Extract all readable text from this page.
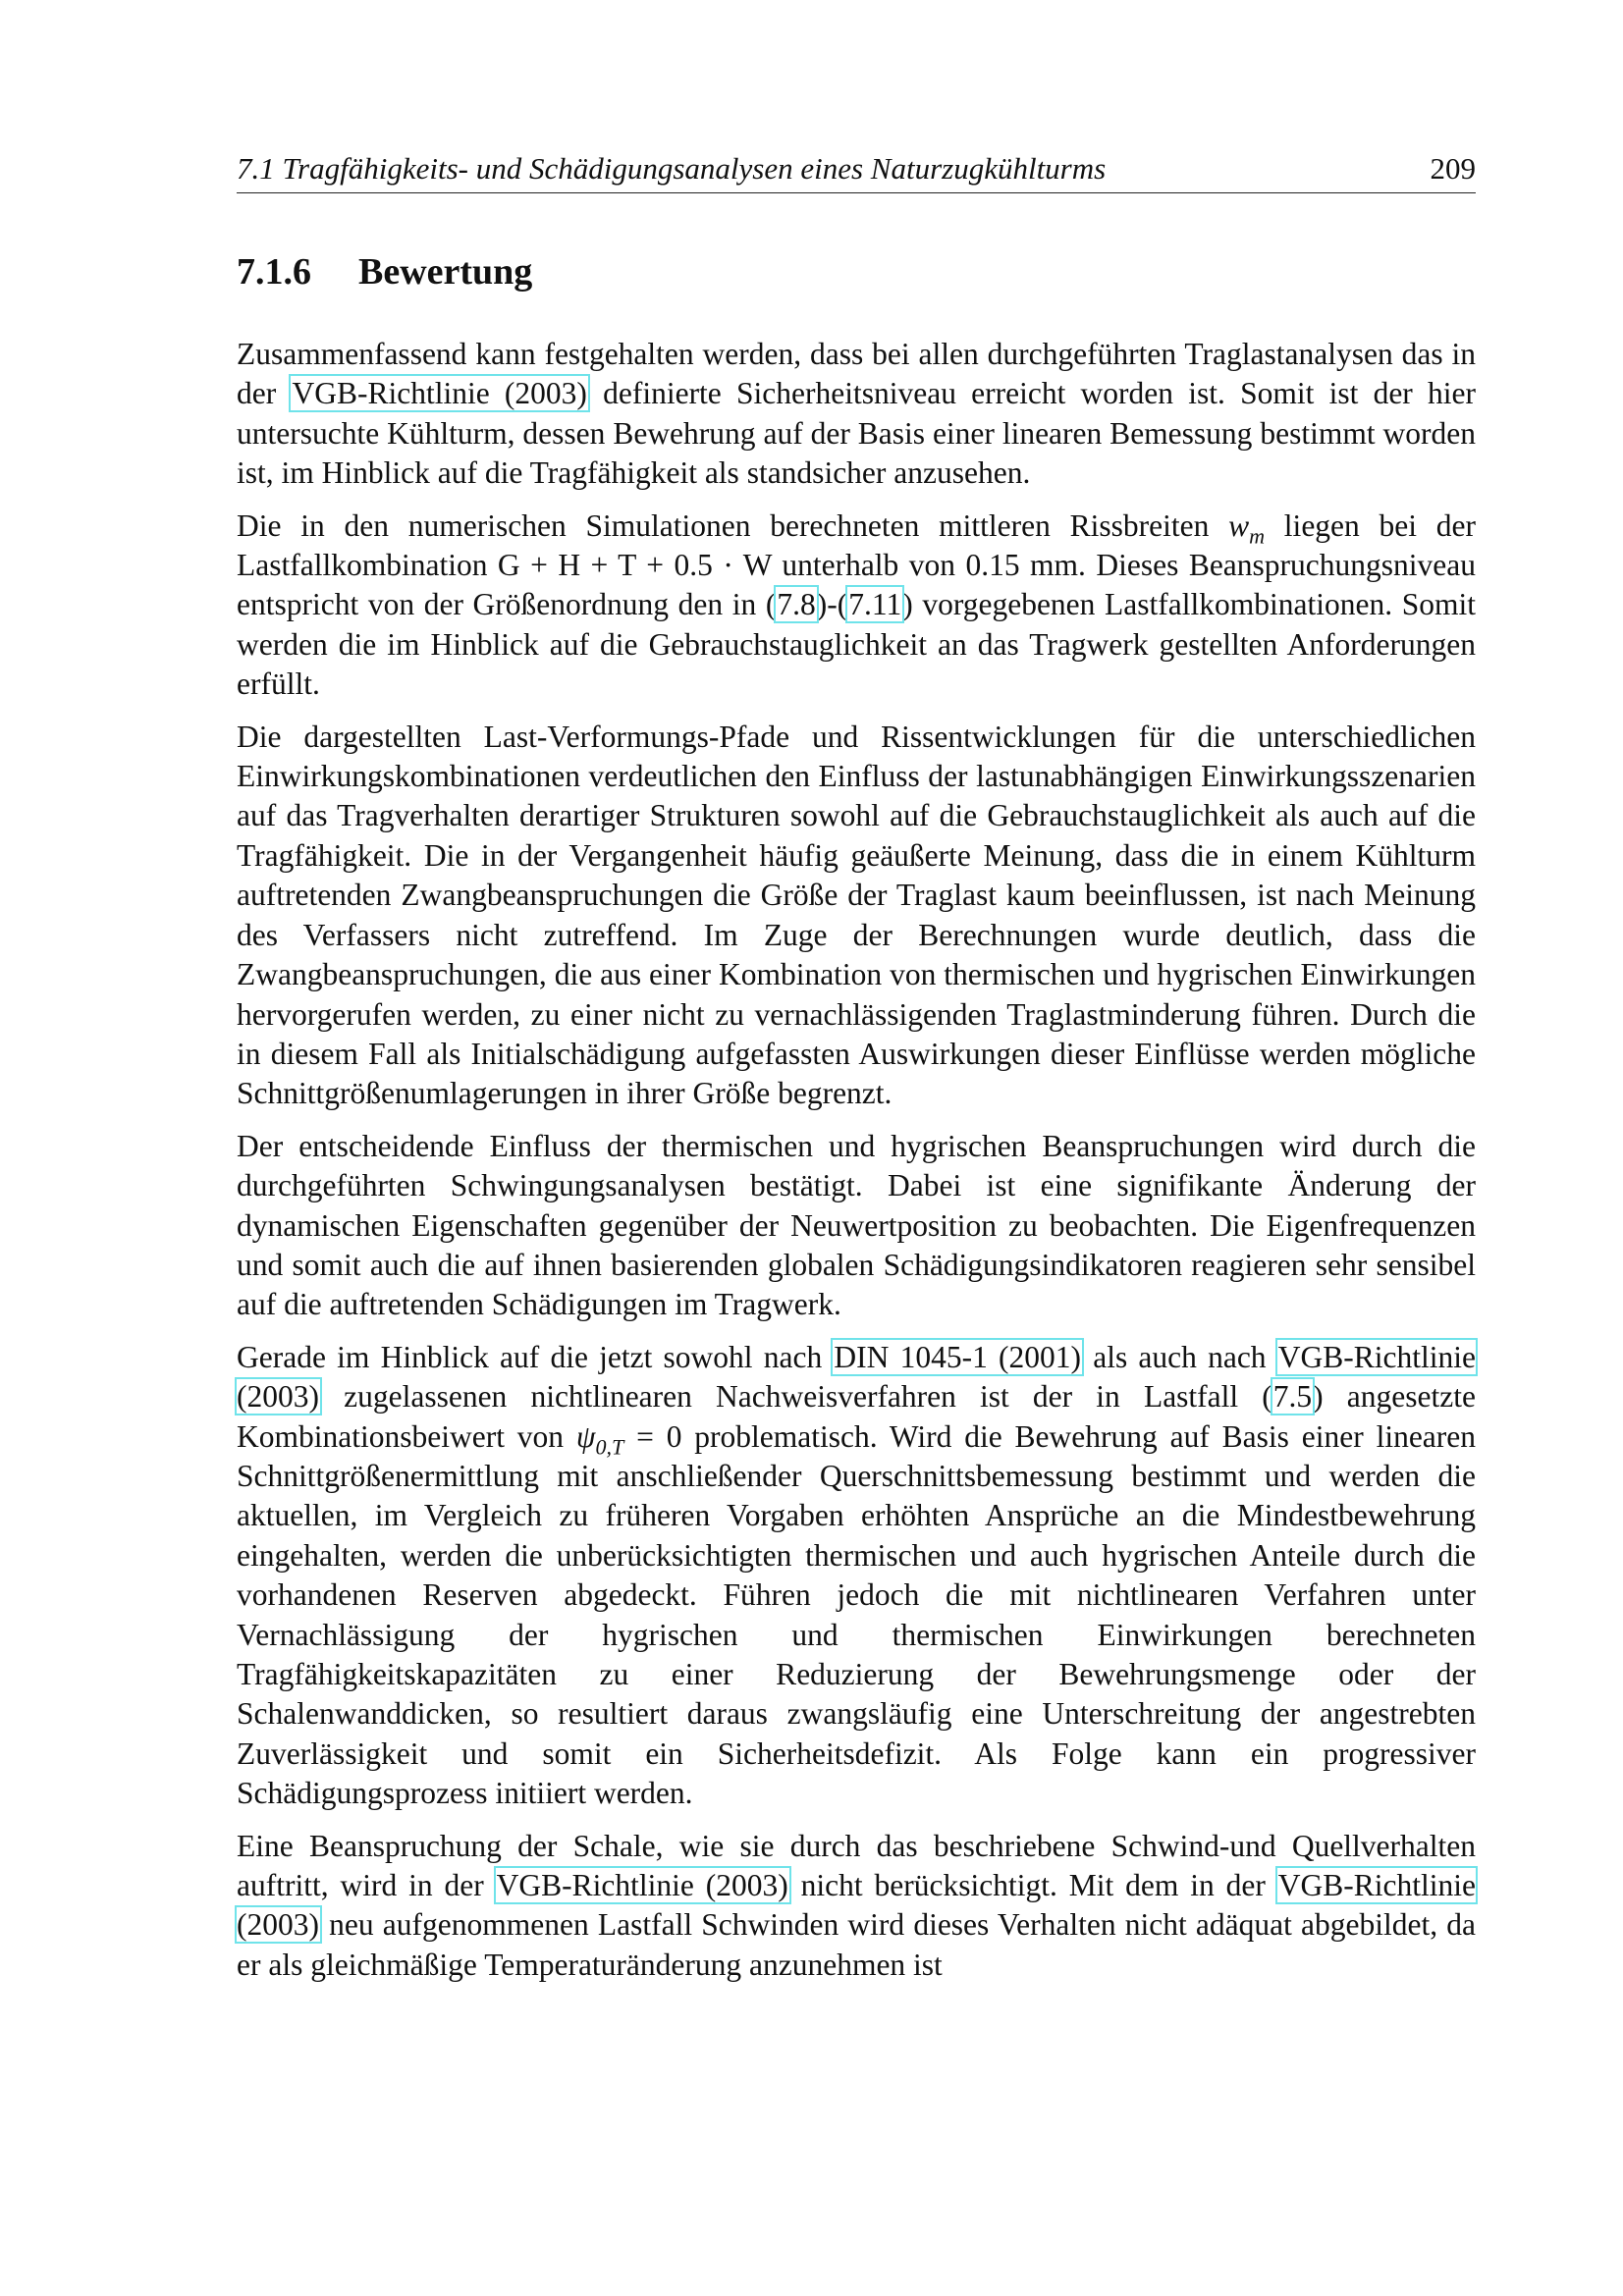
7.1 Tragfähigkeits- und Schädigungsanalysen eines Naturzugkühlturms	209
7.1.6 Bewertung

Zusammenfassend kann festgehalten werden, dass bei allen durchgeführten Traglastanalysen das in der VGB-Richtlinie (2003) definierte Sicherheitsniveau erreicht worden ist. Somit ist der hier untersuchte Kühlturm, dessen Bewehrung auf der Basis einer linearen Bemessung bestimmt worden ist, im Hinblick auf die Tragfähigkeit als standsicher anzusehen.

Die in den numerischen Simulationen berechneten mittleren Rissbreiten $w_m$ liegen bei der Lastfallkombination G + H + T + 0.5 · W unterhalb von 0.15 mm. Dieses Beanspruchungsniveau entspricht von der Größenordnung den in (7.8)-(7.11) vorgegebenen Lastfallkombinationen. Somit werden die im Hinblick auf die Gebrauchstauglichkeit an das Tragwerk gestellten Anforderungen erfüllt.

Die dargestellten Last-Verformungs-Pfade und Rissentwicklungen für die unterschiedlichen Einwirkungskombinationen verdeutlichen den Einfluss der lastunabhängigen Einwirkungsszenarien auf das Tragverhalten derartiger Strukturen sowohl auf die Gebrauchstauglichkeit als auch auf die Tragfähigkeit. Die in der Vergangenheit häufig geäußerte Meinung, dass die in einem Kühlturm auftretenden Zwangbeanspruchungen die Größe der Traglast kaum beeinflussen, ist nach Meinung des Verfassers nicht zutreffend. Im Zuge der Berechnungen wurde deutlich, dass die Zwangbeanspruchungen, die aus einer Kombination von thermischen und hygrischen Einwirkungen hervorgerufen werden, zu einer nicht zu vernachlässigenden Traglastminderung führen. Durch die in diesem Fall als Initialschädigung aufgefassten Auswirkungen dieser Einflüsse werden mögliche Schnittgrößenumlagerungen in ihrer Größe begrenzt.

Der entscheidende Einfluss der thermischen und hygrischen Beanspruchungen wird durch die durchgeführten Schwingungsanalysen bestätigt. Dabei ist eine signifikante Änderung der dynamischen Eigenschaften gegenüber der Neuwertposition zu beobachten. Die Eigenfrequenzen und somit auch die auf ihnen basierenden globalen Schädigungsindikatoren reagieren sehr sensibel auf die auftretenden Schädigungen im Tragwerk.

Gerade im Hinblick auf die jetzt sowohl nach DIN 1045-1 (2001) als auch nach VGB-Richtlinie (2003) zugelassenen nichtlinearen Nachweisverfahren ist der in Lastfall (7.5) angesetzte Kombinationsbeiwert von $\psi_{0,T} = 0$ problematisch. Wird die Bewehrung auf Basis einer linearen Schnittgrößenermittlung mit anschließender Querschnittsbemessung bestimmt und werden die aktuellen, im Vergleich zu früheren Vorgaben erhöhten Ansprüche an die Mindestbewehrung eingehalten, werden die unberücksichtigten thermischen und auch hygrischen Anteile durch die vorhandenen Reserven abgedeckt. Führen jedoch die mit nichtlinearen Verfahren unter Vernachlässigung der hygrischen und thermischen Einwirkungen berechneten Tragfähigkeitskapazitäten zu einer Reduzierung der Bewehrungsmenge oder der Schalenwanddicken, so resultiert daraus zwangsläufig eine Unterschreitung der angestrebten Zuverlässigkeit und somit ein Sicherheitsdefizit. Als Folge kann ein progressiver Schädigungsprozess initiiert werden.

Eine Beanspruchung der Schale, wie sie durch das beschriebene Schwind-und Quellverhalten auftritt, wird in der VGB-Richtlinie (2003) nicht berücksichtigt. Mit dem in der VGB-Richtlinie (2003) neu aufgenommenen Lastfall Schwinden wird dieses Verhalten nicht adäquat abgebildet, da er als gleichmäßige Temperaturänderung anzunehmen ist
